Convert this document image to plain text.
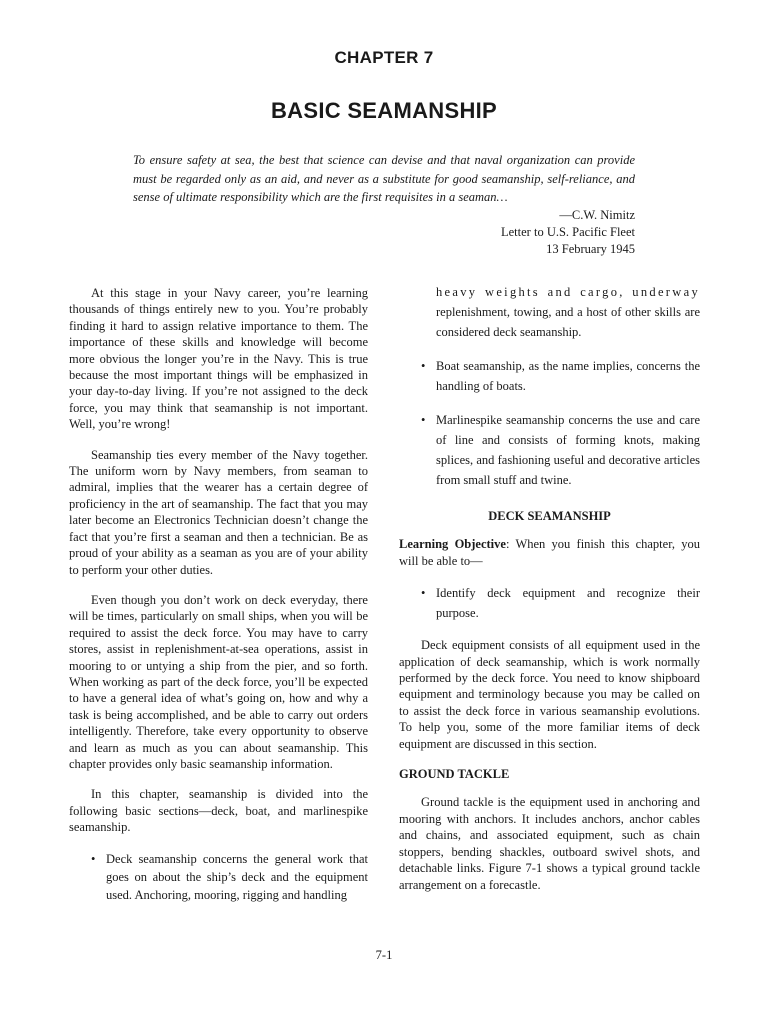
CHAPTER 7
BASIC SEAMANSHIP
To ensure safety at sea, the best that science can devise and that naval organization can provide must be regarded only as an aid, and never as a substitute for good seamanship, self-reliance, and sense of ultimate responsibility which are the first requisites in a seaman…
—C.W. Nimitz
Letter to U.S. Pacific Fleet
13 February 1945

At this stage in your Navy career, you’re learning thousands of things entirely new to you. You’re probably finding it hard to assign relative importance to them. The importance of these skills and knowledge will become more obvious the longer you’re in the Navy. This is true because the most important things will be emphasized in your day-to-day living. If you’re not assigned to the deck force, you may think that seamanship is not important. Well, you’re wrong!

Seamanship ties every member of the Navy together. The uniform worn by Navy members, from seaman to admiral, implies that the wearer has a certain degree of proficiency in the art of seamanship. The fact that you may later become an Electronics Technician doesn’t change the fact that you’re first a seaman and then a technician. Be as proud of your ability as a seaman as you are of your ability to perform your other duties.

Even though you don’t work on deck everyday, there will be times, particularly on small ships, when you will be required to assist the deck force. You may have to carry stores, assist in replenishment-at-sea operations, assist in mooring to or untying a ship from the pier, and so forth. When working as part of the deck force, you’ll be expected to have a general idea of what’s going on, how and why a task is being accomplished, and be able to carry out orders intelligently. Therefore, take every opportunity to observe and learn as much as you can about seamanship. This chapter provides only basic seamanship information.

In this chapter, seamanship is divided into the following basic sections—deck, boat, and marlinespike seamanship.

• Deck seamanship concerns the general work that goes on about the ship’s deck and the equipment used. Anchoring, mooring, rigging and handling
heavy weights and cargo, underway replenishment, towing, and a host of other skills are considered deck seamanship.
• Boat seamanship, as the name implies, concerns the handling of boats.
• Marlinespike seamanship concerns the use and care of line and consists of forming knots, making splices, and fashioning useful and decorative articles from small stuff and twine.
DECK SEAMANSHIP

Learning Objective: When you finish this chapter, you will be able to—

• Identify deck equipment and recognize their purpose.

Deck equipment consists of all equipment used in the application of deck seamanship, which is work normally performed by the deck force. You need to know shipboard equipment and terminology because you may be called on to assist the deck force in various seamanship evolutions. To help you, some of the more familiar items of deck equipment are discussed in this section.

GROUND TACKLE

Ground tackle is the equipment used in anchoring and mooring with anchors. It includes anchors, anchor cables and chains, and associated equipment, such as chain stoppers, bending shackles, outboard swivel shots, and detachable links. Figure 7-1 shows a typical ground tackle arrangement on a forecastle.

7-1
